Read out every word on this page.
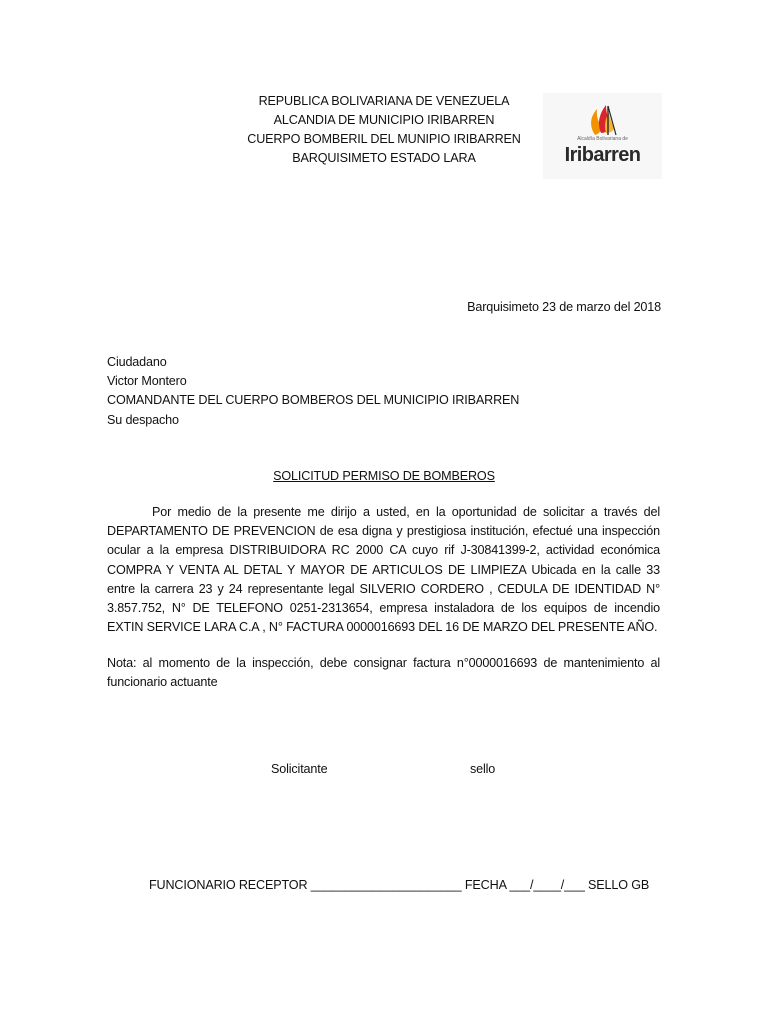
REPUBLICA BOLIVARIANA DE VENEZUELA
ALCANDIA DE MUNICIPIO IRIBARREN
CUERPO BOMBERIL DEL MUNIPIO IRIBARREN
BARQUISIMETO ESTADO LARA
Alcaldía Bolivariana de
Iribarren
Barquisimeto 23 de marzo del 2018
Ciudadano
Victor Montero
COMANDANTE DEL CUERPO BOMBEROS DEL MUNICIPIO IRIBARREN
Su despacho
SOLICITUD PERMISO DE BOMBEROS
Por medio de la presente me dirijo a usted, en la oportunidad de solicitar a través del DEPARTAMENTO DE PREVENCION de esa digna y prestigiosa institución, efectué una inspección ocular a la empresa DISTRIBUIDORA RC 2000 CA cuyo rif J-30841399-2, actividad económica COMPRA Y VENTA AL DETAL Y MAYOR DE ARTICULOS DE LIMPIEZA Ubicada en la calle 33 entre la carrera 23 y 24 representante legal SILVERIO CORDERO , CEDULA DE IDENTIDAD N° 3.857.752, N° DE TELEFONO 0251-2313654, empresa instaladora de los equipos de incendio EXTIN SERVICE LARA C.A , N° FACTURA 0000016693 DEL 16 DE MARZO DEL PRESENTE AÑO.
Nota: al momento de la inspección, debe consignar factura n°0000016693 de mantenimiento al funcionario actuante
Solicitante	sello
FUNCIONARIO RECEPTOR ______________________ FECHA ___/____/___ SELLO GB
